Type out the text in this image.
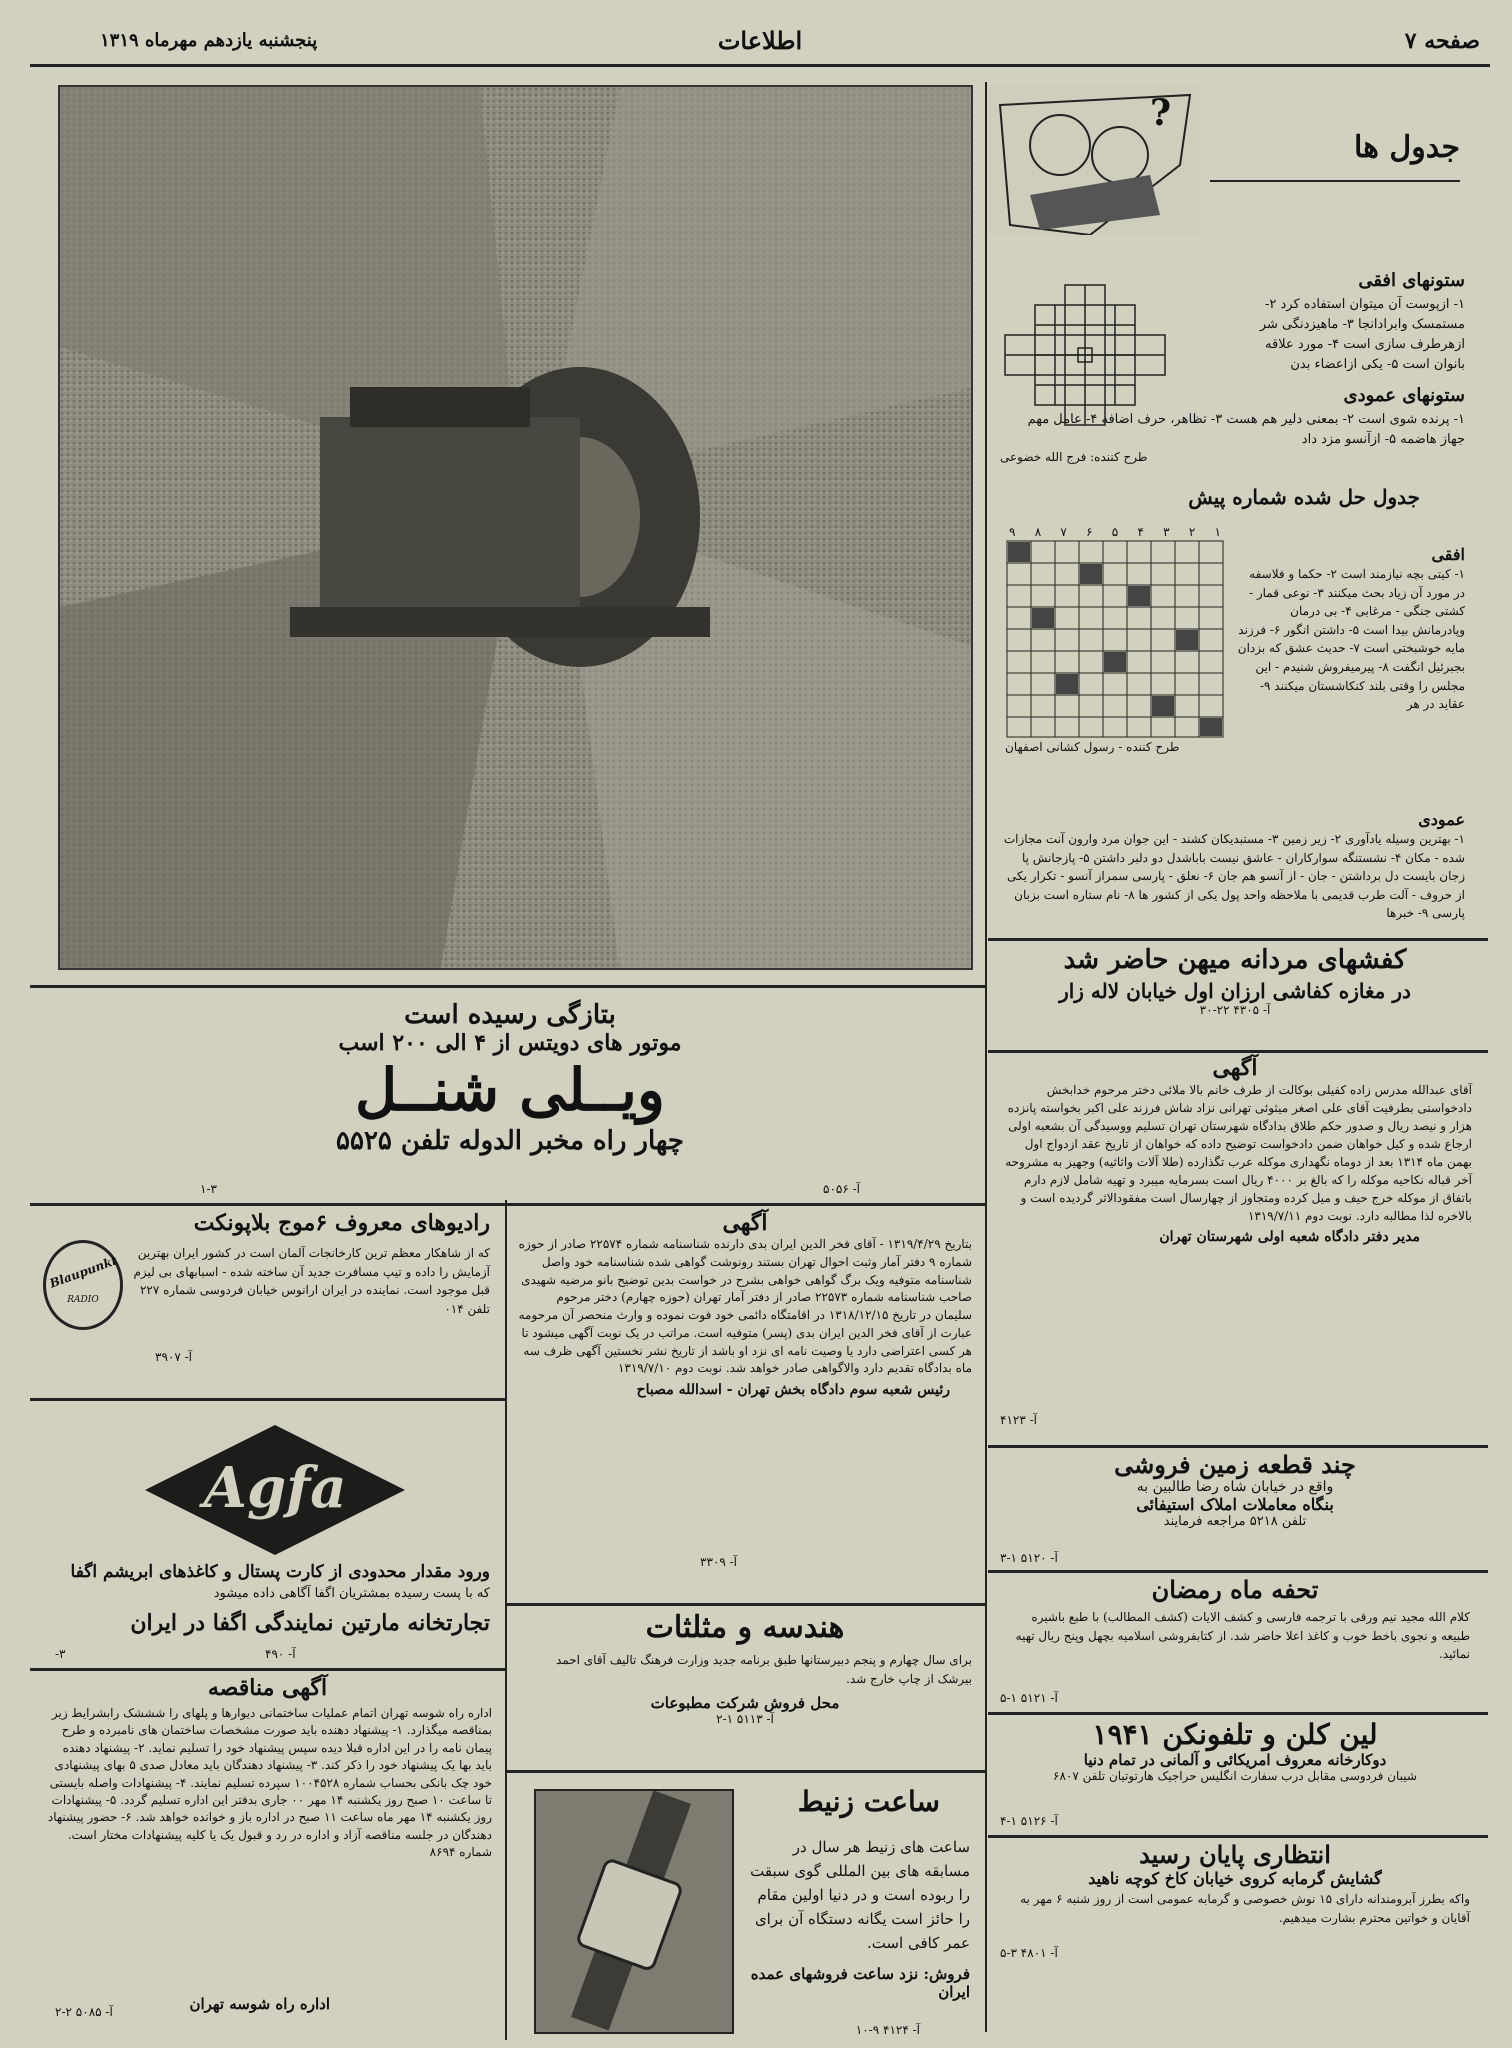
صفحه ۷
اطلاعات
پنجشنبه یازدهم مهرماه ۱۳۱۹
?
جدول ها
ستونهای افقی
۱- ازپوست آن میتوان استفاده کرد ۲- مستمسک وابرادانجا ۳- ماهیزدنگی شر ازهرطرف سازی است ۴- مورد علاقه بانوان است ۵- یکی ازاعضاء بدن
ستونهای عمودی
۱- پرنده شوی است ۲- بمعنی دلیر هم هست ۳- تظاهر، حرف اضافه ۴- عامل مهم جهاز هاضمه ۵- ازآنسو مزد داد
طرح کننده: فرج الله خضوعی
جدول حل شده شماره پیش
۹ ۸ ۷ ۶ ۵ ۴ ۳ ۲ ۱
افقی
۱- کیتی بچه نیازمند است ۲- حکما و فلاسفه در مورد آن زیاد بحث میکنند ۳- نوعی قمار - کشتی جنگی - مرغابی ۴- بی درمان وپادرمانش بیدا است ۵- داشتن انگور ۶- فرزند مایه خوشبختی است ۷- حدیث عشق که بزدان بجبرئیل انگفت ۸- پیرمیفروش شنیدم - این مجلس را وقتی بلند کنکاشستان میکنند ۹- عقاید در هر
طرح کننده - رسول کشانی اصفهان
عمودی
۱- بهترین وسیله یادآوری ۲- زیر زمین ۳- مستبدیکان کشند - این جوان مرد وارون آنت مجازات شده - مکان ۴- نشستنگه سوارکاران - عاشق نیست باباشدل دو دلبر داشتن ۵- پازجانش پا زجان بایست دل برداشتن - جان - از آنسو هم جان ۶- نعلق - پارسی سمراز آنسو - تکرار یکی از حروف - آلت طرب قدیمی با ملاحظه واحد پول یکی از کشور ها ۸- نام ستاره است بزبان پارسی ۹- خبرها
کفشهای مردانه میهن حاضر شد
در مغازه کفاشی ارزان اول خیابان لاله زار
آ- ۴۳۰۵ ۲۲-۳۰
آگهی
آقای عبدالله مدرس زاده کفیلی بوکالت از طرف خانم بالا ملائی دختر مرحوم خدابخش دادخواستی بطرفیت آقای علی اصغر میثوئی تهرانی نزاد شاش فرزند علی اکبر بخواسته پانزده هزار و نیصد ریال و صدور حکم طلاق بدادگاه شهرستان تهران تسلیم ووسیدگی آن بشعبه اولی ارجاع شده و کیل خواهان ضمن دادخواست توضیح داده که خواهان از تاریخ عقد ازدواج اول بهمن ماه ۱۳۱۴ بعد از دوماه نگهداری موکله عرب تگذارده (طلا آلات واثاثیه) وجهیز به مشروحه آخر قباله نکاحیه موکله را که بالغ بر ۴۰۰۰ ریال است بسرمایه میبرد و تهیه شامل لازم دارم باتفاق از موکله خرج حیف و میل کرده ومتجاوز از چهارسال است مفقودالاثر گردیده است و بالاخره لذا مطالبه دارد. نوبت دوم ۱۳۱۹/۷/۱۱
مدیر دفتر دادگاه شعبه اولی شهرستان تهران
آ- ۴۱۲۳
چند قطعه زمین فروشی
واقع در خیابان شاه رضا طالبین به
بنگاه معاملات املاک استیفائی
تلفن ۵۲۱۸ مراجعه فرمایند
آ- ۵۱۲۰ ۱-۳
تحفه ماه رمضان
کلام الله مجید نیم ورقی با ترجمه فارسی و کشف الایات (کشف المطالب) با طبع باشیره طبیعه و نجوی باخط خوب و کاغذ اعلا حاضر شد. از کتابفروشی اسلامیه بچهل وپنج ریال تهیه نمائید.
آ- ۵۱۲۱ ۱-۵
لین کلن و تلفونکن ۱۹۴۱
دوکارخانه معروف امریکائی و آلمانی در تمام دنیا
شیبان فردوسی مقابل درب سفارت انگلیس حراجیک هارتوتیان تلفن ۶۸۰۷
آ- ۵۱۲۶ ۱-۴
انتظاری پایان رسید
گشایش گرمابه کروی خیابان کاخ کوچه ناهید
واکه بطرز آبرومندانه دارای ۱۵ نوش خصوصی و گرمابه عمومی است از روز شنبه ۶ مهر به آقایان و خواتین محترم بشارت میدهیم.
آ- ۴۸۰۱ ۳-۵
بتازگی رسیده است
موتور های دویتس از ۴ الی ۲۰۰ اسب
ویــلی شنــل
چهار راه مخبر الدوله تلفن ۵۵۲۵
۱-۳	آ- ۵۰۵۶
رادیوهای معروف ۶موج بلاپونکت
Blaupunkt
RADIO
که از شاهکار معظم ترین کارخانجات آلمان است در کشور ایران بهترین آزمایش را داده و تیپ مسافرت جدید آن ساخته شده - اسبابهای بی لیزم قبل موجود است. نماینده در ایران ارانوس خیابان فردوسی شماره ۲۲۷ تلفن ۰۱۴
آ- ۳۹۰۷
Agfa
ورود مقدار محدودی از کارت پستال و کاغذهای ابریشم اگفا
که با پست رسیده بمشتریان اگفا آگاهی داده میشود
تجارتخانه مارتین نمایندگی اگفا در ایران
آ- ۴۹۰
-۳
آگهی مناقصه
اداره راه شوسه تهران اتمام عملیات ساختمانی دیوارها و پلهای را شششک رابشرایط زیر بمناقصه میگذارد. ۱- پیشنهاد دهنده باید صورت مشخصات ساختمان های نامبرده و طرح پیمان نامه را در این اداره قبلا دیده سپس پیشنهاد خود را تسلیم نماید. ۲- پیشنهاد دهنده باید بها یک پیشنهاد خود را ذکر کند. ۳- پیشنهاد دهندگان باید معادل صدی ۵ بهای پیشنهادی خود چک بانکی بحساب شماره ۱۰۰۴۵۲۸ سپرده تسلیم نمایند. ۴- پیشنهادات واصله بایستی تا ساعت ۱۰ صبح روز یکشنبه ۱۴ مهر ۰۰ جاری بدفتر این اداره تسلیم گردد. ۵- پیشنهادات روز یکشنبه ۱۴ مهر ماه ساعت ۱۱ صبح در اداره باز و خوانده خواهد شد. ۶- حضور پیشنهاد دهندگان در جلسه مناقصه آزاد و اداره در رد و قبول یک یا کلیه پیشنهادات مختار است. شماره ۸۶۹۴
اداره راه شوسه تهران
آ- ۵۰۸۵ ۲-۲
آگهی
بتاریخ ۱۳۱۹/۴/۲۹ - آقای فخر الدین ایران بدی دارنده شناسنامه شماره ۲۲۵۷۴ صادر از حوزه شماره ۹ دفتر آمار وثبت احوال تهران بستند رونوشت گواهی شده شناسنامه خود واصل شناسنامه متوفیه ویک برگ گواهی خواهی بشرح در خواست بدین توضیح بانو مرضیه شهیدی صاحب شناسنامه شماره ۲۲۵۷۳ صادر از دفتر آمار تهران (حوزه چهارم) دختر مرحوم سلیمان در تاریخ ۱۳۱۸/۱۲/۱۵ در اقامتگاه دائمی خود فوت نموده و وارث منحصر آن مرحومه عبارت از آقای فخر الدین ایران بدی (پسر) متوفیه است. مراتب در یک نوبت آگهی میشود تا هر کسی اعتراضی دارد یا وصیت نامه ای نزد او باشد از تاریخ نشر نخستین آگهی ظرف سه ماه بدادگاه تقدیم دارد والاگواهی صادر خواهد شد. نوبت دوم ۱۳۱۹/۷/۱۰
رئیس شعبه سوم دادگاه بخش تهران - اسدالله مصباح
آ- ۳۳۰۹
هندسه و مثلثات
برای سال چهارم و پنجم دبیرستانها طبق برنامه جدید وزارت فرهنگ تالیف آقای احمد بیرشک از چاپ خارج شد.
محل فروش شرکت مطبوعات
آ- ۵۱۱۳ ۱-۲
ساعت زنیط
ساعت های زنیط هر سال در مسابقه های بین المللی گوی سبقت را ربوده است و در دنیا اولین مقام را حائز است یگانه دستگاه آن برای عمر کافی است.
فروش: نزد ساعت فروشهای عمده ایران
آ- ۴۱۲۴ ۹-۱۰
